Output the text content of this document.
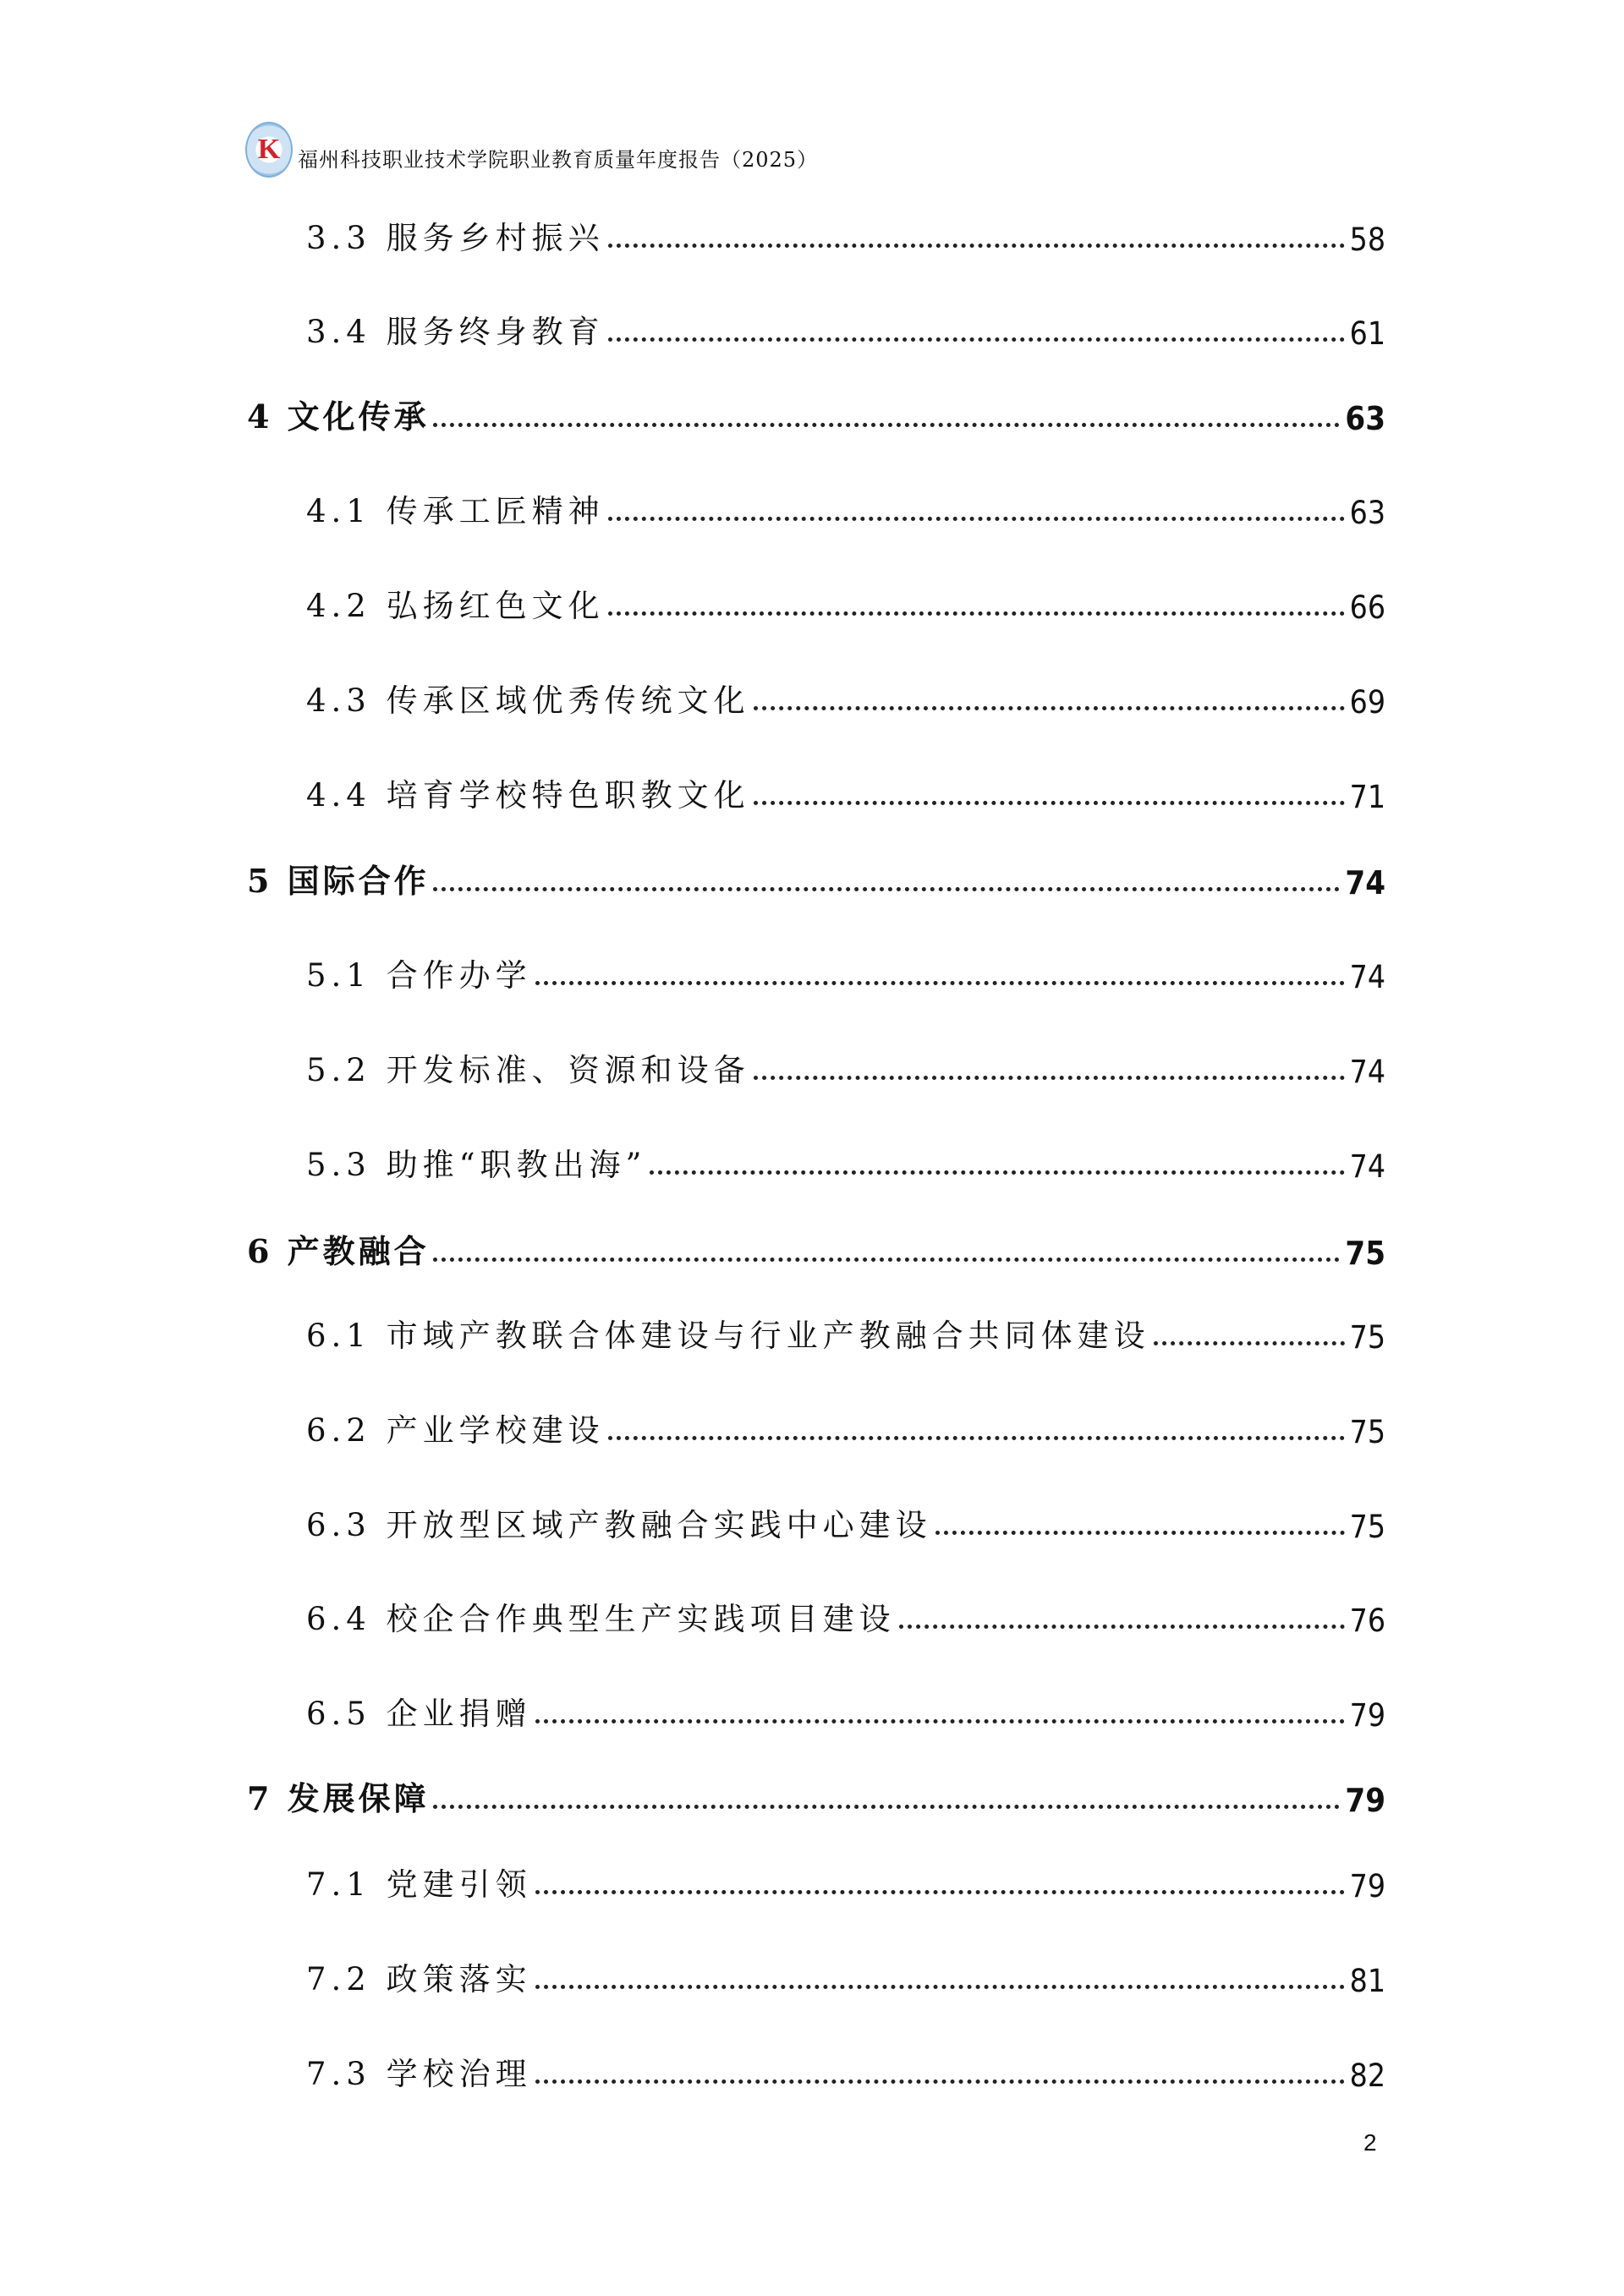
K 福州科技职业技术学院职业教育质量年度报告（2025）
3.3 服务乡村振兴	58
3.4 服务终身教育	61
4 文化传承	63
4.1 传承工匠精神	63
4.2 弘扬红色文化	66
4.3 传承区域优秀传统文化	69
4.4 培育学校特色职教文化	71
5 国际合作	74
5.1 合作办学	74
5.2 开发标准、资源和设备	74
5.3 助推“职教出海”	74
6 产教融合	75
6.1 市域产教联合体建设与行业产教融合共同体建设	75
6.2 产业学校建设	75
6.3 开放型区域产教融合实践中心建设	75
6.4 校企合作典型生产实践项目建设	76
6.5 企业捐赠	79
7 发展保障	79
7.1 党建引领	79
7.2 政策落实	81
7.3 学校治理	82
2
